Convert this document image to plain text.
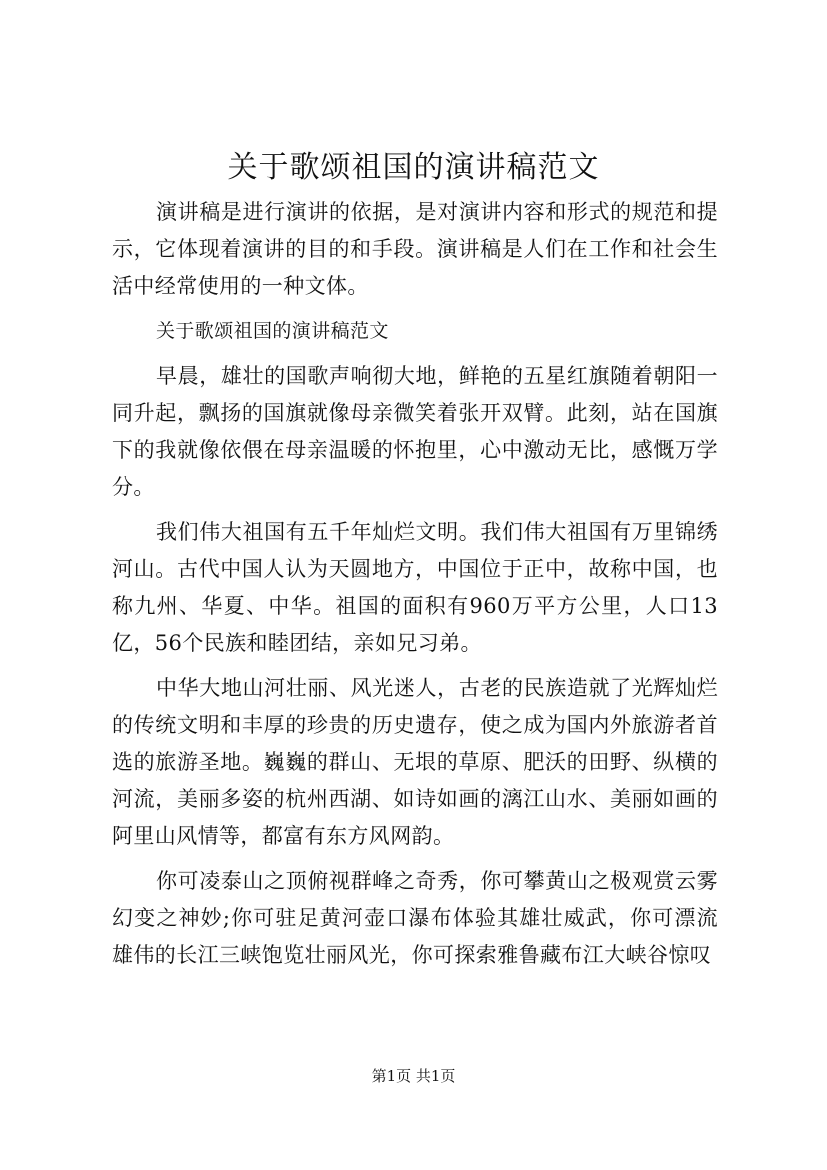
关于歌颂祖国的演讲稿范文

演讲稿是进行演讲的依据，是对演讲内容和形式的规范和提示，它体现着演讲的目的和手段。演讲稿是人们在工作和社会生活中经常使用的一种文体。

关于歌颂祖国的演讲稿范文

早晨，雄壮的国歌声响彻大地，鲜艳的五星红旗随着朝阳一同升起，飘扬的国旗就像母亲微笑着张开双臂。此刻，站在国旗下的我就像依偎在母亲温暖的怀抱里，心中激动无比，感慨万学分。

我们伟大祖国有五千年灿烂文明。我们伟大祖国有万里锦绣河山。古代中国人认为天圆地方，中国位于正中，故称中国，也称九州、华夏、中华。祖国的面积有960万平方公里，人口13亿，56个民族和睦团结，亲如兄习弟。

中华大地山河壮丽、风光迷人，古老的民族造就了光辉灿烂的传统文明和丰厚的珍贵的历史遗存，使之成为国内外旅游者首选的旅游圣地。巍巍的群山、无垠的草原、肥沃的田野、纵横的河流，美丽多姿的杭州西湖、如诗如画的漓江山水、美丽如画的阿里山风情等，都富有东方风网韵。

你可凌泰山之顶俯视群峰之奇秀，你可攀黄山之极观赏云雾幻变之神妙;你可驻足黄河壶口瀑布体验其雄壮威武，你可漂流雄伟的长江三峡饱览壮丽风光，你可探索雅鲁藏布江大峡谷惊叹

第1页 共1页
